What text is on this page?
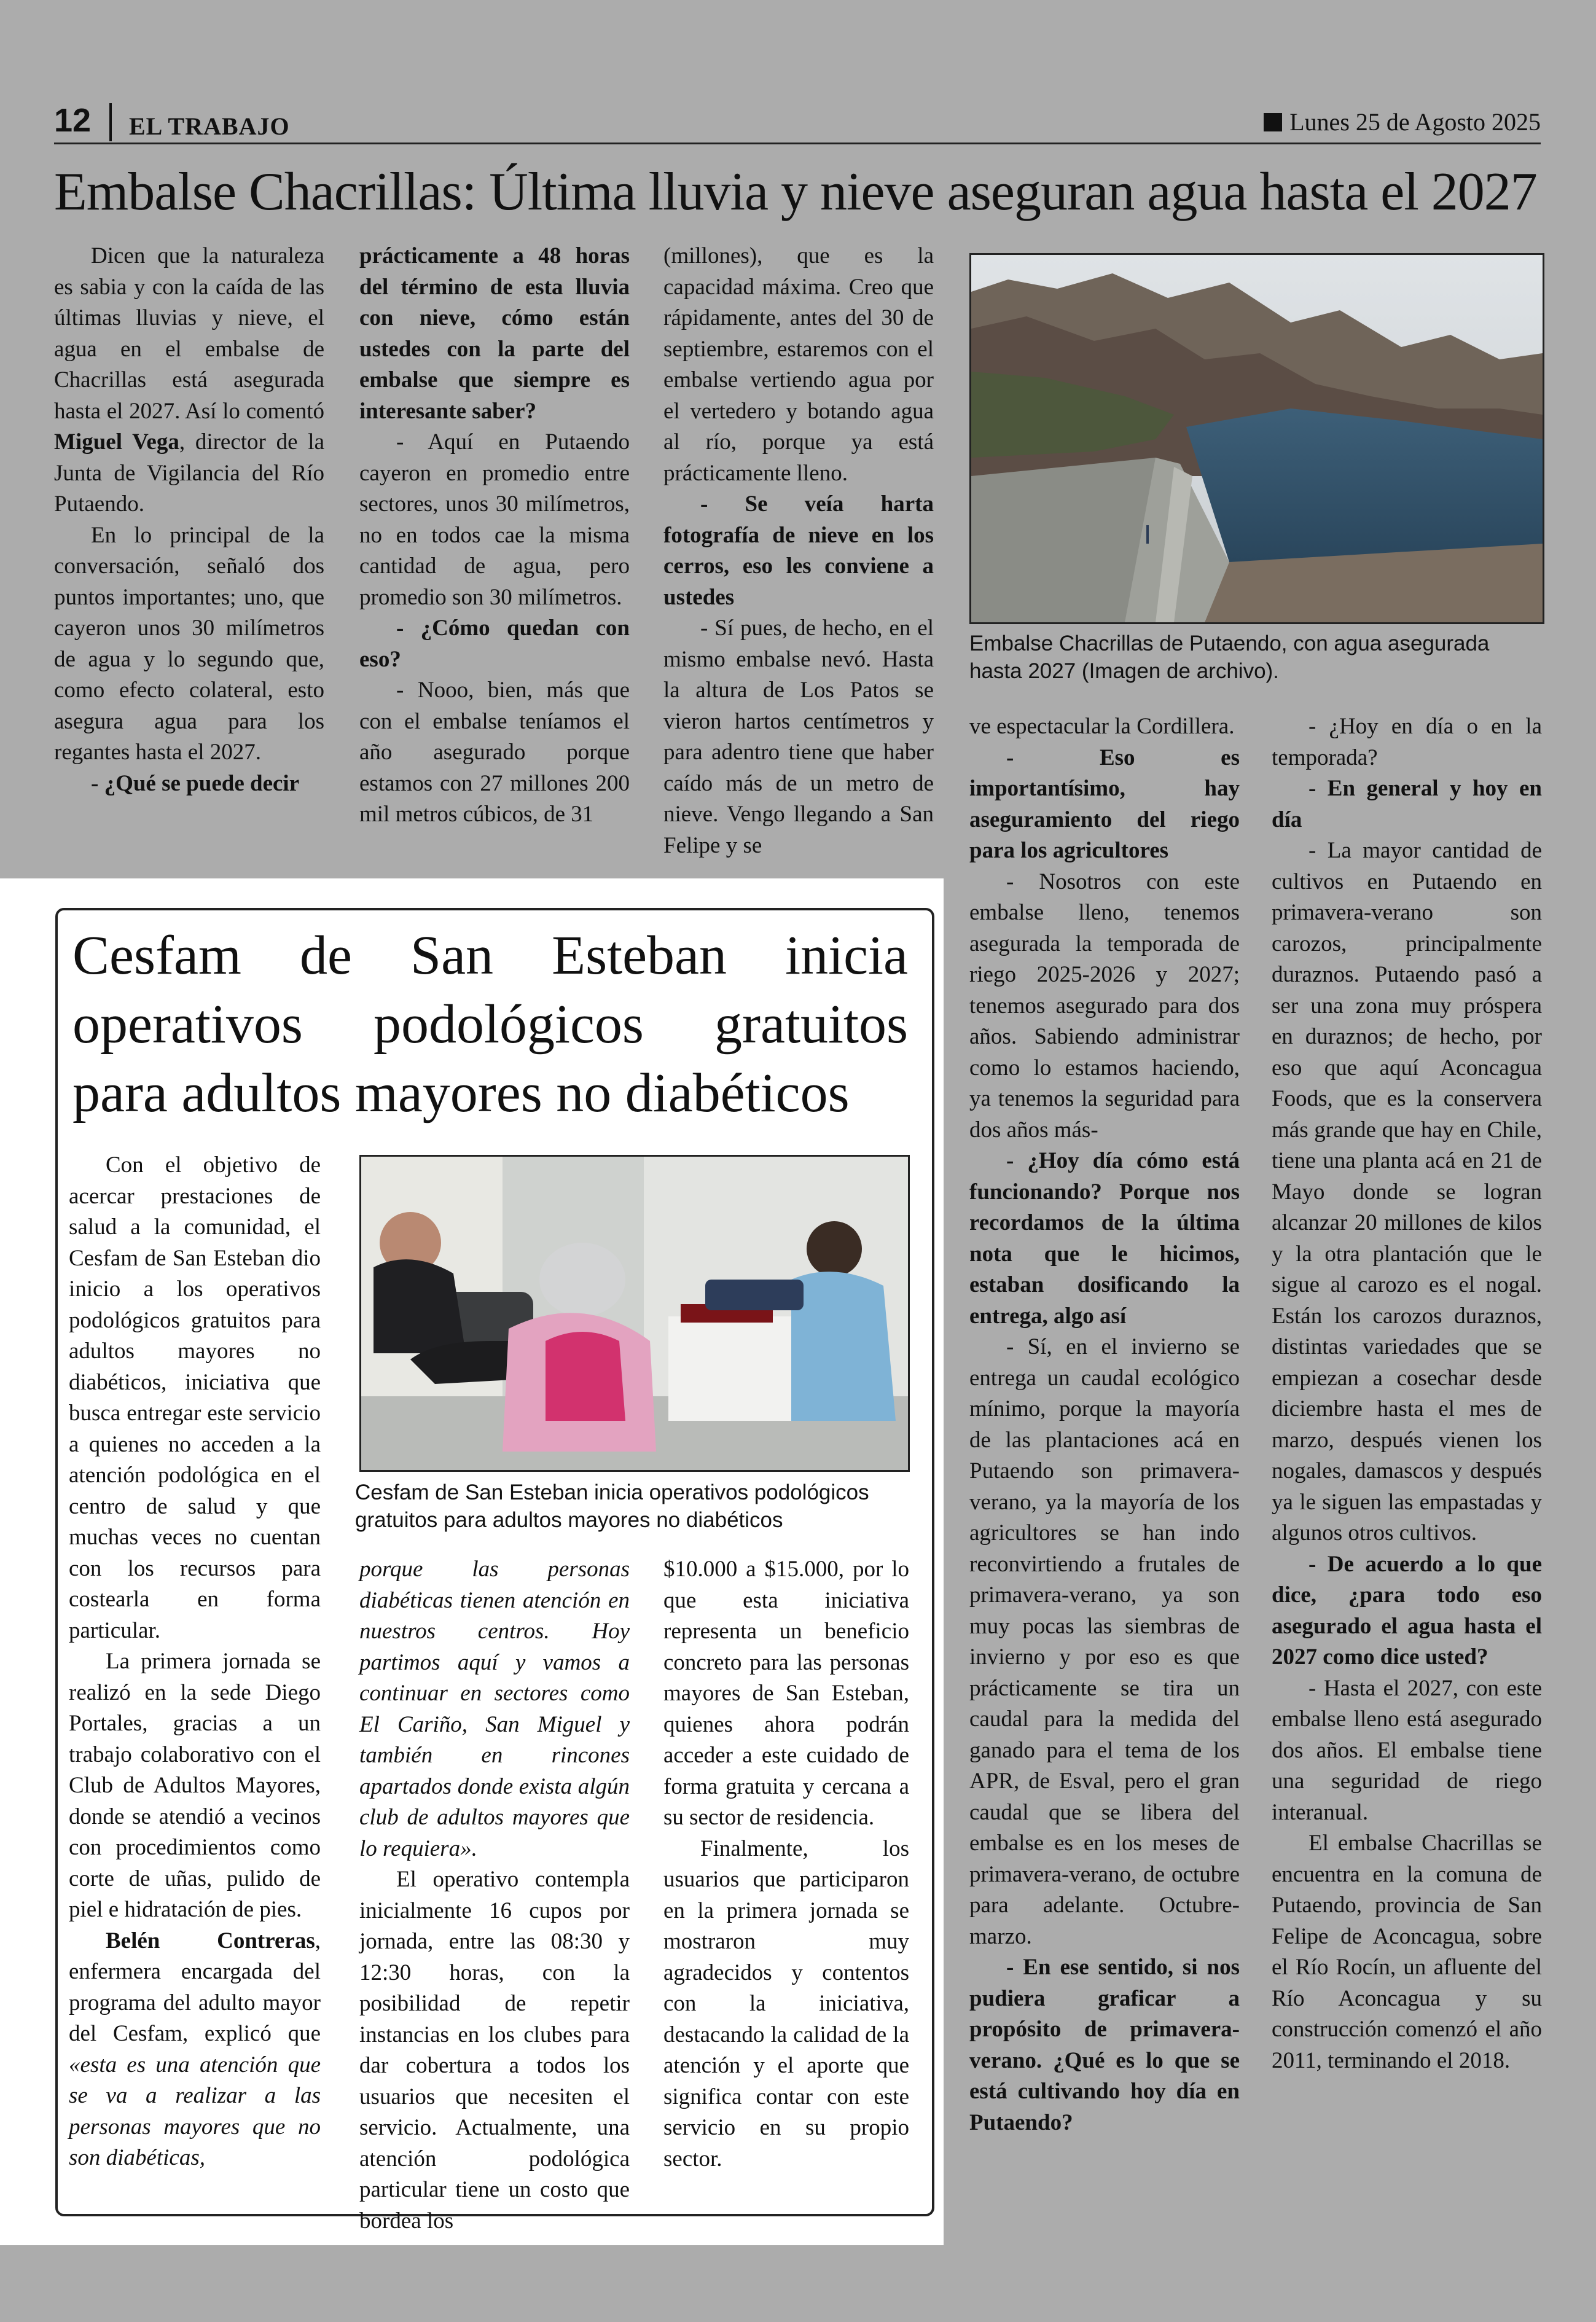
12 EL TRABAJO	Lunes 25 de Agosto 2025
Embalse Chacrillas: Última lluvia y nieve aseguran agua hasta el 2027

Dicen que la naturaleza es sabia y con la caída de las últimas lluvias y nieve, el agua en el embalse de Chacrillas está asegurada hasta el 2027. Así lo comentó Miguel Vega, director de la Junta de Vigilancia del Río Putaendo.

En lo principal de la conversación, señaló dos puntos importantes; uno, que cayeron unos 30 milímetros de agua y lo segundo que, como efecto colateral, esto asegura agua para los regantes hasta el 2027.

- ¿Qué se puede decir

prácticamente a 48 horas del término de esta lluvia con nieve, cómo están ustedes con la parte del embalse que siempre es interesante saber?

- Aquí en Putaendo cayeron en promedio entre sectores, unos 30 milímetros, no en todos cae la misma cantidad de agua, pero promedio son 30 milímetros.

- ¿Cómo quedan con eso?

- Nooo, bien, más que con el embalse teníamos el año asegurado porque estamos con 27 millones 200 mil metros cúbicos, de 31

(millones), que es la capacidad máxima. Creo que rápidamente, antes del 30 de septiembre, estaremos con el embalse vertiendo agua por el vertedero y botando agua al río, porque ya está prácticamente lleno.

- Se veía harta fotografía de nieve en los cerros, eso les conviene a ustedes

- Sí pues, de hecho, en el mismo embalse nevó. Hasta la altura de Los Patos se vieron hartos centímetros y para adentro tiene que haber caído más de un metro de nieve. Vengo llegando a San Felipe y se

Embalse Chacrillas de Putaendo, con agua asegurada hasta 2027 (Imagen de archivo).

ve espectacular la Cordillera.

- Eso es importantísimo, hay aseguramiento del riego para los agricultores

- Nosotros con este embalse lleno, tenemos asegurada la temporada de riego 2025-2026 y 2027; tenemos asegurado para dos años. Sabiendo administrar como lo estamos haciendo, ya tenemos la seguridad para dos años más-

- ¿Hoy día cómo está funcionando? Porque nos recordamos de la última nota que le hicimos, estaban dosificando la entrega, algo así

- Sí, en el invierno se entrega un caudal ecológico mínimo, porque la mayoría de las plantaciones acá en Putaendo son primavera-verano, ya la mayoría de los agricultores se han indo reconvirtiendo a frutales de primavera-verano, ya son muy pocas las siembras de invierno y por eso es que prácticamente se tira un caudal para la medida del ganado para el tema de los APR, de Esval, pero el gran caudal que se libera del embalse es en los meses de primavera-verano, de octubre para adelante. Octubre-marzo.

- En ese sentido, si nos pudiera graficar a propósito de primavera-verano. ¿Qué es lo que se está cultivando hoy día en Putaendo?

- ¿Hoy en día o en la temporada?

- En general y hoy en día

- La mayor cantidad de cultivos en Putaendo en primavera-verano son carozos, principalmente duraznos. Putaendo pasó a ser una zona muy próspera en duraznos; de hecho, por eso que aquí Aconcagua Foods, que es la conservera más grande que hay en Chile, tiene una planta acá en 21 de Mayo donde se logran alcanzar 20 millones de kilos y la otra plantación que le sigue al carozo es el nogal. Están los carozos duraznos, distintas variedades que se empiezan a cosechar desde diciembre hasta el mes de marzo, después vienen los nogales, damascos y después ya le siguen las empastadas y algunos otros cultivos.

- De acuerdo a lo que dice, ¿para todo eso asegurado el agua hasta el 2027 como dice usted?

- Hasta el 2027, con este embalse lleno está asegurado dos años. El embalse tiene una seguridad de riego interanual.

El embalse Chacrillas se encuentra en la comuna de Putaendo, provincia de San Felipe de Aconcagua, sobre el Río Rocín, un afluente del Río Aconcagua y su construcción comenzó el año 2011, terminando el 2018.

Cesfam de San Esteban inicia
operativos podológicos gratuitos
para adultos mayores no diabéticos

Con el objetivo de acercar prestaciones de salud a la comunidad, el Cesfam de San Esteban dio inicio a los operativos podológicos gratuitos para adultos mayores no diabéticos, iniciativa que busca entregar este servicio a quienes no acceden a la atención podológica en el centro de salud y que muchas veces no cuentan con los recursos para costearla en forma particular.

La primera jornada se realizó en la sede Diego Portales, gracias a un trabajo colaborativo con el Club de Adultos Mayores, donde se atendió a vecinos con procedimientos como corte de uñas, pulido de piel e hidratación de pies.

Belén Contreras, enfermera encargada del programa del adulto mayor del Cesfam, explicó que «esta es una atención que se va a realizar a las personas mayores que no son diabéticas,

Cesfam de San Esteban inicia operativos podológicos gratuitos para adultos mayores no diabéticos

porque las personas diabéticas tienen atención en nuestros centros. Hoy partimos aquí y vamos a continuar en sectores como El Cariño, San Miguel y también en rincones apartados donde exista algún club de adultos mayores que lo requiera».

El operativo contempla inicialmente 16 cupos por jornada, entre las 08:30 y 12:30 horas, con la posibilidad de repetir instancias en los clubes para dar cobertura a todos los usuarios que necesiten el servicio. Actualmente, una atención podológica particular tiene un costo que bordea los

$10.000 a $15.000, por lo que esta iniciativa representa un beneficio concreto para las personas mayores de San Esteban, quienes ahora podrán acceder a este cuidado de forma gratuita y cercana a su sector de residencia.

Finalmente, los usuarios que participaron en la primera jornada se mostraron muy agradecidos y contentos con la iniciativa, destacando la calidad de la atención y el aporte que significa contar con este servicio en su propio sector.
